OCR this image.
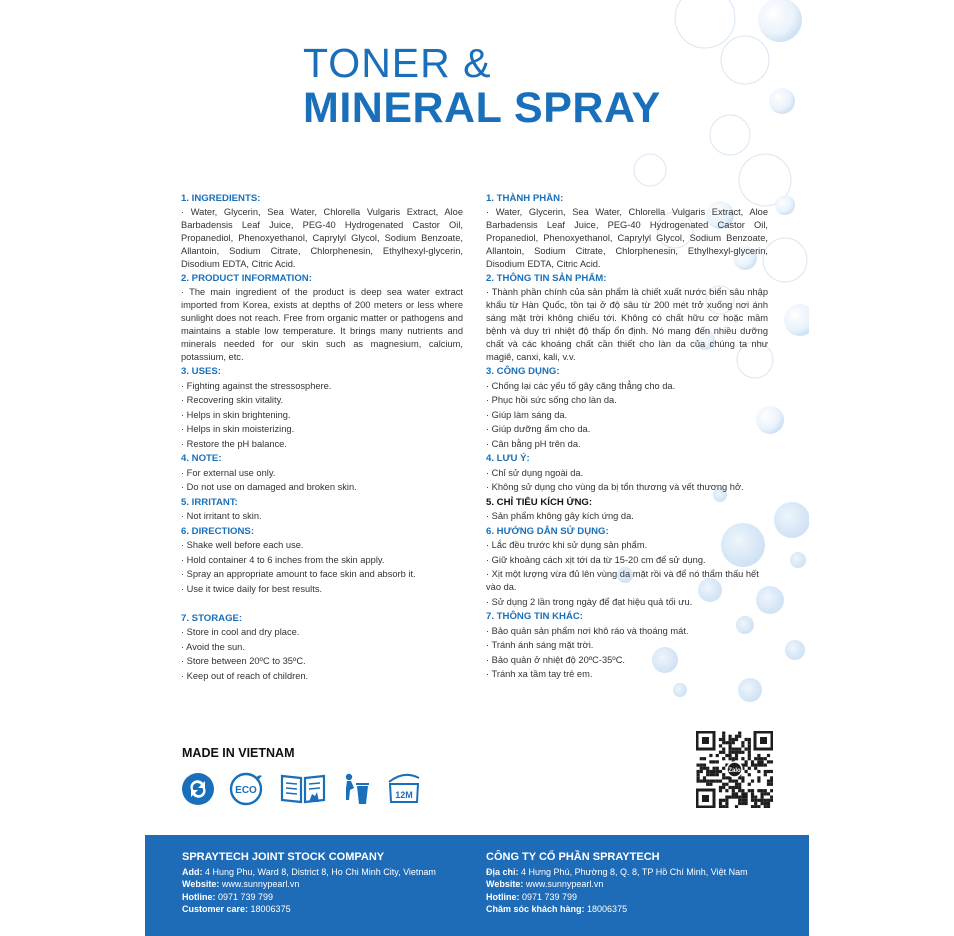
TONER &
MINERAL SPRAY
1. INGREDIENTS:
· Water, Glycerin, Sea Water, Chlorella Vulgaris Extract, Aloe Barbadensis Leaf Juice, PEG-40 Hydrogenated Castor Oil, Propanediol, Phenoxyethanol, Caprylyl Glycol, Sodium Benzoate, Allantoin, Sodium Citrate, Chlorphenesin, Ethylhexyl-glycerin, Disodium EDTA, Citric Acid.
2. PRODUCT INFORMATION:
· The main ingredient of the product is deep sea water extract imported from Korea, exists at depths of 200 meters or less where sunlight does not reach. Free from organic matter or pathogens and maintains a stable low temperature. It brings many nutrients and minerals needed for our skin such as magnesium, calcium, potassium, etc.
3. USES:
· Fighting against the stressosphere.
· Recovering skin vitality.
· Helps in skin brightening.
· Helps in skin moisterizing.
· Restore the pH balance.
4. NOTE:
· For external use only.
· Do not use on damaged and broken skin.
5. IRRITANT:
· Not irritant to skin.
6. DIRECTIONS:
· Shake well before each use.
· Hold container 4 to 6 inches from the skin apply.
· Spray an appropriate amount to face skin and absorb it.
· Use it twice daily for best results.
7. STORAGE:
· Store in cool and dry place.
· Avoid the sun.
· Store between 20ºC to 35ºC.
· Keep out of reach of children.
1. THÀNH PHẦN:
· Water, Glycerin, Sea Water, Chlorella Vulgaris Extract, Aloe Barbadensis Leaf Juice, PEG-40 Hydrogenated Castor Oil, Propanediol, Phenoxyethanol, Caprylyl Glycol, Sodium Benzoate, Allantoin, Sodium Citrate, Chlorphenesin, Ethylhexyl-glycerin, Disodium EDTA, Citric Acid.
2. THÔNG TIN SẢN PHẨM:
· Thành phần chính của sản phẩm là chiết xuất nước biển sâu nhập khẩu từ Hàn Quốc, tồn tại ở độ sâu từ 200 mét trở xuống nơi ánh sáng mặt trời không chiếu tới. Không có chất hữu cơ hoặc mầm bệnh và duy trì nhiệt độ thấp ổn định. Nó mang đến nhiều dưỡng chất và các khoáng chất cần thiết cho làn da của chúng ta như magiê, canxi, kali, v.v.
3. CÔNG DỤNG:
· Chống lại các yếu tố gây căng thẳng cho da.
· Phục hồi sức sống cho làn da.
· Giúp làm sáng da.
· Giúp dưỡng ẩm cho da.
· Cân bằng pH trên da.
4. LƯU Ý:
· Chỉ sử dụng ngoài da.
· Không sử dụng cho vùng da bị tổn thương và vết thương hở.
5. CHỈ TIÊU KÍCH ỨNG:
· Sản phẩm không gây kích ứng da.
6. HƯỚNG DẪN SỬ DỤNG:
· Lắc đều trước khi sử dụng sản phẩm.
· Giữ khoảng cách xịt tới da từ 15-20 cm để sử dụng.
· Xịt một lượng vừa đủ lên vùng da mặt rồi và để nó thẩm thấu hết vào da.
· Sử dụng 2 lần trong ngày để đạt hiệu quả tối ưu.
7. THÔNG TIN KHÁC:
· Bảo quản sản phẩm nơi khô ráo và thoáng mát.
· Tránh ánh sáng mặt trời.
· Bảo quản ở nhiệt độ 20ºC-35ºC.
· Tránh xa tầm tay trẻ em.
MADE IN VIETNAM
ECO	12M
Zalo
SPRAYTECH JOINT STOCK COMPANY
Add: 4 Hung Phu, Ward 8, District 8, Ho Chi Minh City, Vietnam
Website: www.sunnypearl.vn
Hotline: 0971 739 799
Customer care: 18006375
CÔNG TY CỔ PHẦN SPRAYTECH
Địa chỉ: 4 Hưng Phú, Phường 8, Q. 8, TP Hồ Chí Minh, Việt Nam
Website: www.sunnypearl.vn
Hotline: 0971 739 799
Chăm sóc khách hàng: 18006375
